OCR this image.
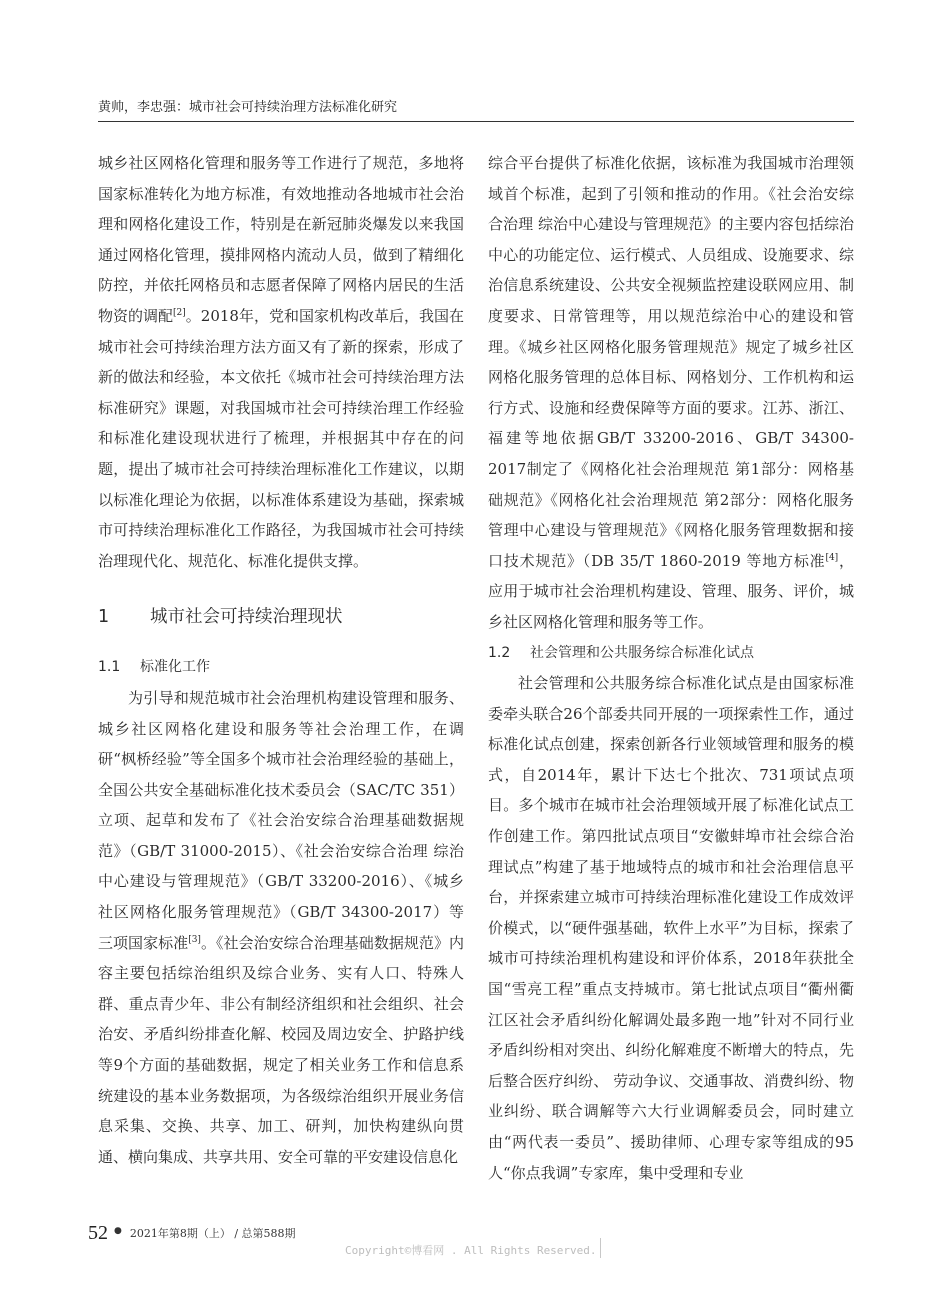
黄帅，李忠强：城市社会可持续治理方法标准化研究

城乡社区网格化管理和服务等工作进行了规范，多地将国家标准转化为地方标准，有效地推动各地城市社会治理和网格化建设工作，特别是在新冠肺炎爆发以来我国通过网格化管理，摸排网格内流动人员，做到了精细化防控，并依托网格员和志愿者保障了网格内居民的生活物资的调配[2]。2018年，党和国家机构改革后，我国在城市社会可持续治理方法方面又有了新的探索，形成了新的做法和经验，本文依托《城市社会可持续治理方法标准研究》课题，对我国城市社会可持续治理工作经验和标准化建设现状进行了梳理，并根据其中存在的问题，提出了城市社会可持续治理标准化工作建议，以期以标准化理论为依据，以标准体系建设为基础，探索城市可持续治理标准化工作路径，为我国城市社会可持续治理现代化、规范化、标准化提供支撑。

1 城市社会可持续治理现状
1.1 标准化工作

为引导和规范城市社会治理机构建设管理和服务、城乡社区网格化建设和服务等社会治理工作，在调研“枫桥经验”等全国多个城市社会治理经验的基础上，全国公共安全基础标准化技术委员会（SAC/TC 351）立项、起草和发布了《社会治安综合治理基础数据规范》（GB/T 31000-2015）、《社会治安综合治理 综治中心建设与管理规范》（GB/T 33200-2016）、《城乡社区网格化服务管理规范》（GB/T 34300-2017）等三项国家标准[3]。《社会治安综合治理基础数据规范》内容主要包括综治组织及综合业务、实有人口、特殊人群、重点青少年、非公有制经济组织和社会组织、社会治安、矛盾纠纷排查化解、校园及周边安全、护路护线等9个方面的基础数据，规定了相关业务工作和信息系统建设的基本业务数据项，为各级综治组织开展业务信息采集、交换、共享、加工、研判，加快构建纵向贯通、横向集成、共享共用、安全可靠的平安建设信息化

综合平台提供了标准化依据，该标准为我国城市治理领域首个标准，起到了引领和推动的作用。《社会治安综合治理 综治中心建设与管理规范》的主要内容包括综治中心的功能定位、运行模式、人员组成、设施要求、综治信息系统建设、公共安全视频监控建设联网应用、制度要求、日常管理等，用以规范综治中心的建设和管理。《城乡社区网格化服务管理规范》规定了城乡社区网格化服务管理的总体目标、网格划分、工作机构和运行方式、设施和经费保障等方面的要求。江苏、浙江、福建等地依据GB/T 33200-2016、GB/T 34300-2017制定了《网格化社会治理规范 第1部分：网格基础规范》《网格化社会治理规范 第2部分：网格化服务管理中心建设与管理规范》《网格化服务管理数据和接口技术规范》（DB 35/T 1860-2019 等地方标准[4]，应用于城市社会治理机构建设、管理、服务、评价，城乡社区网格化管理和服务等工作。

1.2 社会管理和公共服务综合标准化试点

社会管理和公共服务综合标准化试点是由国家标准委牵头联合26个部委共同开展的一项探索性工作，通过标准化试点创建，探索创新各行业领域管理和服务的模式，自2014年，累计下达七个批次、731项试点项目。多个城市在城市社会治理领域开展了标准化试点工作创建工作。第四批试点项目“安徽蚌埠市社会综合治理试点”构建了基于地域特点的城市和社会治理信息平台，并探索建立城市可持续治理标准化建设工作成效评价模式，以“硬件强基础，软件上水平”为目标，探索了城市可持续治理机构建设和评价体系，2018年获批全国“雪亮工程”重点支持城市。第七批试点项目“衢州衢江区社会矛盾纠纷化解调处最多跑一地”针对不同行业矛盾纠纷相对突出、纠纷化解难度不断增大的特点，先后整合医疗纠纷、 劳动争议、交通事故、消费纠纷、物业纠纷、联合调解等六大行业调解委员会，同时建立由“两代表一委员”、援助律师、心理专家等组成的95人“你点我调”专家库，集中受理和专业

52 ● 2021年第8期（上） / 总第588期
Copyright©博看网 . All Rights Reserved.
